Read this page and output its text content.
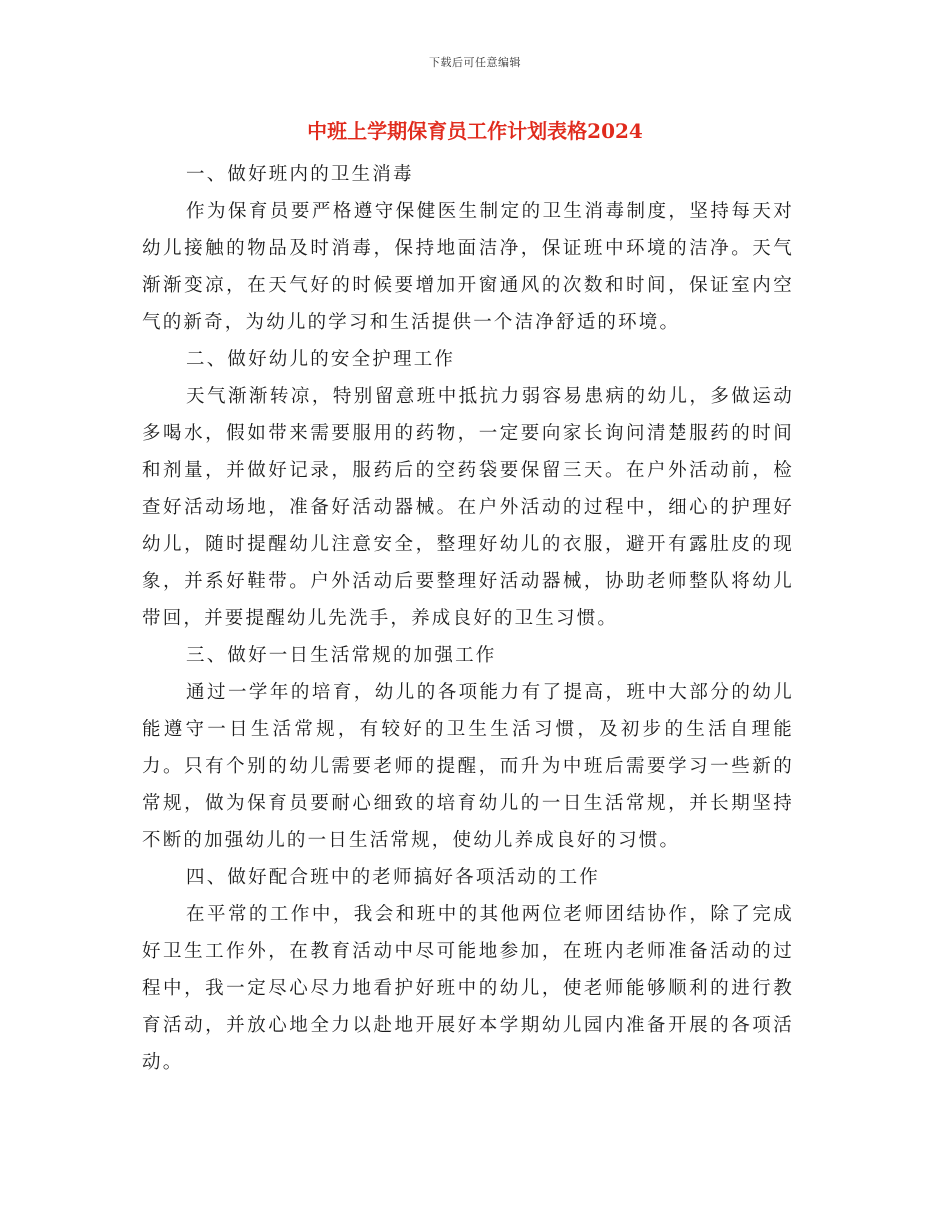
下载后可任意编辑
中班上学期保育员工作计划表格2024

一、做好班内的卫生消毒

作为保育员要严格遵守保健医生制定的卫生消毒制度，坚持每天对幼儿接触的物品及时消毒，保持地面洁净，保证班中环境的洁净。天气渐渐变凉，在天气好的时候要增加开窗通风的次数和时间，保证室内空气的新奇，为幼儿的学习和生活提供一个洁净舒适的环境。

二、做好幼儿的安全护理工作

天气渐渐转凉，特别留意班中抵抗力弱容易患病的幼儿，多做运动多喝水，假如带来需要服用的药物，一定要向家长询问清楚服药的时间和剂量，并做好记录，服药后的空药袋要保留三天。在户外活动前，检查好活动场地，准备好活动器械。在户外活动的过程中，细心的护理好幼儿，随时提醒幼儿注意安全，整理好幼儿的衣服，避开有露肚皮的现象，并系好鞋带。户外活动后要整理好活动器械，协助老师整队将幼儿带回，并要提醒幼儿先洗手，养成良好的卫生习惯。

三、做好一日生活常规的加强工作

通过一学年的培育，幼儿的各项能力有了提高，班中大部分的幼儿能遵守一日生活常规，有较好的卫生生活习惯，及初步的生活自理能力。只有个别的幼儿需要老师的提醒，而升为中班后需要学习一些新的常规，做为保育员要耐心细致的培育幼儿的一日生活常规，并长期坚持不断的加强幼儿的一日生活常规，使幼儿养成良好的习惯。

四、做好配合班中的老师搞好各项活动的工作

在平常的工作中，我会和班中的其他两位老师团结协作，除了完成好卫生工作外，在教育活动中尽可能地参加，在班内老师准备活动的过程中，我一定尽心尽力地看护好班中的幼儿，使老师能够顺利的进行教育活动，并放心地全力以赴地开展好本学期幼儿园内准备开展的各项活动。
